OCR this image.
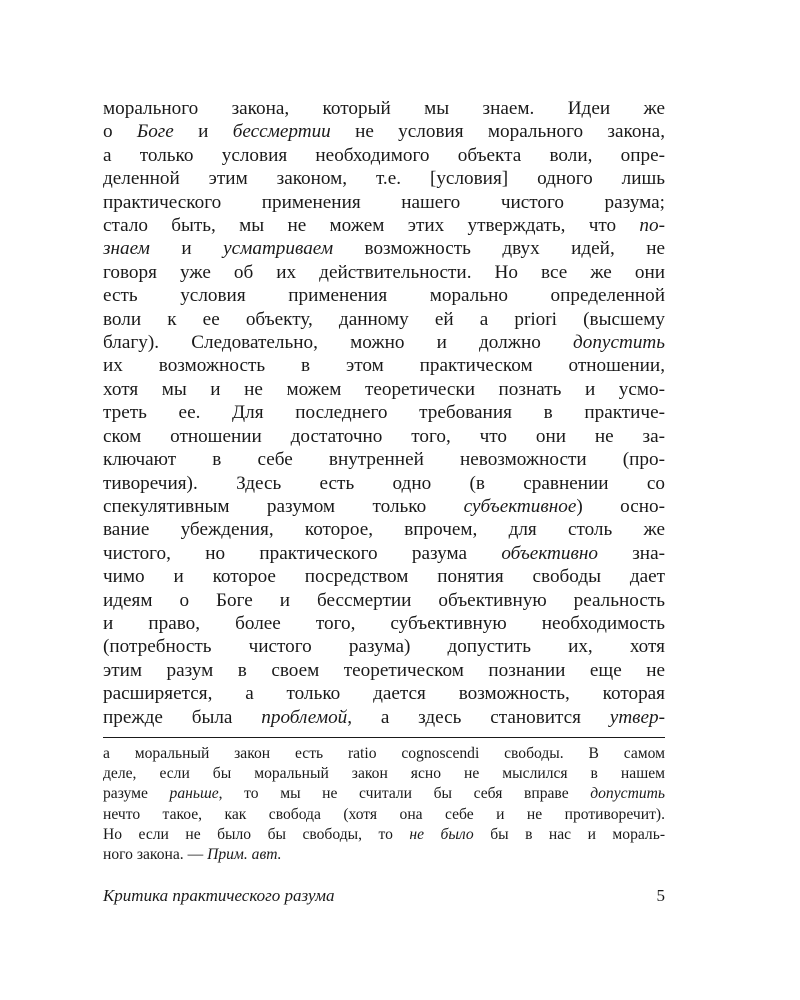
морального закона, который мы знаем. Идеи же
о Боге и бессмертии не условия морального закона,
а только условия необходимого объекта воли, опре-
деленной этим законом, т.е. [условия] одного лишь
практического применения нашего чистого разума;
стало быть, мы не можем этих утверждать, что по-
знаем и усматриваем возможность двух идей, не
говоря уже об их действительности. Но все же они
есть условия применения морально определенной
воли к ее объекту, данному ей a priori (высшему
благу). Следовательно, можно и должно допустить
их возможность в этом практическом отношении,
хотя мы и не можем теоретически познать и усмо-
треть ее. Для последнего требования в практиче-
ском отношении достаточно того, что они не за-
ключают в себе внутренней невозможности (про-
тиворечия). Здесь есть одно (в сравнении со
спекулятивным разумом только субъективное) осно-
вание убеждения, которое, впрочем, для столь же
чистого, но практического разума объективно зна-
чимо и которое посредством понятия свободы дает
идеям о Боге и бессмертии объективную реальность
и право, более того, субъективную необходимость
(потребность чистого разума) допустить их, хотя
этим разум в своем теоретическом познании еще не
расширяется, а только дается возможность, которая
прежде была проблемой, а здесь становится утвер-
а моральный закон есть ratio cognoscendi свободы. В самом
деле, если бы моральный закон ясно не мыслился в нашем
разуме раньше, то мы не считали бы себя вправе допустить
нечто такое, как свобода (хотя она себе и не противоречит).
Но если не было бы свободы, то не было бы в нас и мораль-
ного закона. — Прим. авт.
Критика практического разума	5
